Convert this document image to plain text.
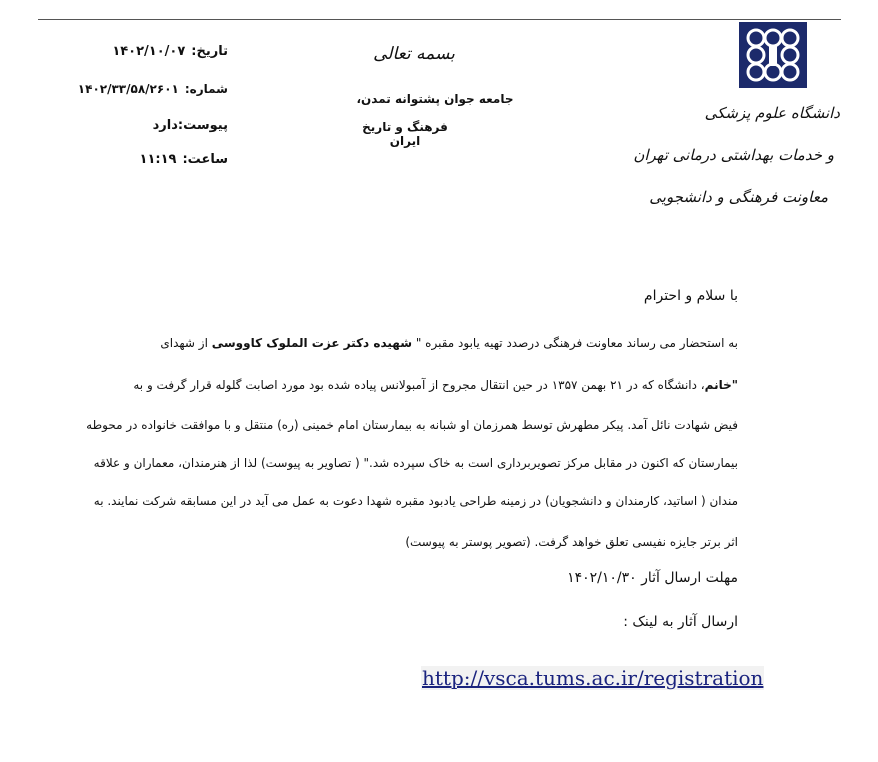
تاریخ:۱۴۰۲/۱۰/۰۷
شماره:۱۴۰۲/۳۳/۵۸/۲۶۰۱
پیوست:دارد
ساعت:۱۱:۱۹
بسمه تعالی
جامعه جوان پشتوانه تمدن،
فرهنگ و تاریخ ایران
دانشگاه علوم پزشکی
و خدمات بهداشتی درمانی تهران
معاونت فرهنگی و دانشجویی
با سلام و احترام
به استحضار می رساند معاونت فرهنگی درصدد تهیه یابود مقبره " شهیده دکتر عزت الملوک کاووسی از شهدای
"خانم، دانشگاه که در ۲۱ بهمن ۱۳۵۷ در حین انتقال مجروح از آمبولانس پیاده شده بود مورد اصابت گلوله قرار گرفت و به
فیض شهادت نائل آمد. پیکر مطهرش توسط همرزمان او شبانه به بیمارستان امام خمینی (ره) منتقل و با موافقت خانواده در محوطه
بیمارستان که اکنون در مقابل مرکز تصویربرداری است به خاک سپرده شد." ( تصاویر به پیوست) لذا از هنرمندان، معماران و علاقه
مندان ( اساتید، کارمندان و دانشجویان) در زمینه طراحی یادبود مقبره شهدا دعوت به عمل می آید در این مسابقه شرکت نمایند. به
اثر برتر جایزه نفیسی تعلق خواهد گرفت. (تصویر پوستر به پیوست)
مهلت ارسال آثار ۱۴۰۲/۱۰/۳۰
ارسال آثار به لینک :
http://vsca.tums.ac.ir/registration
